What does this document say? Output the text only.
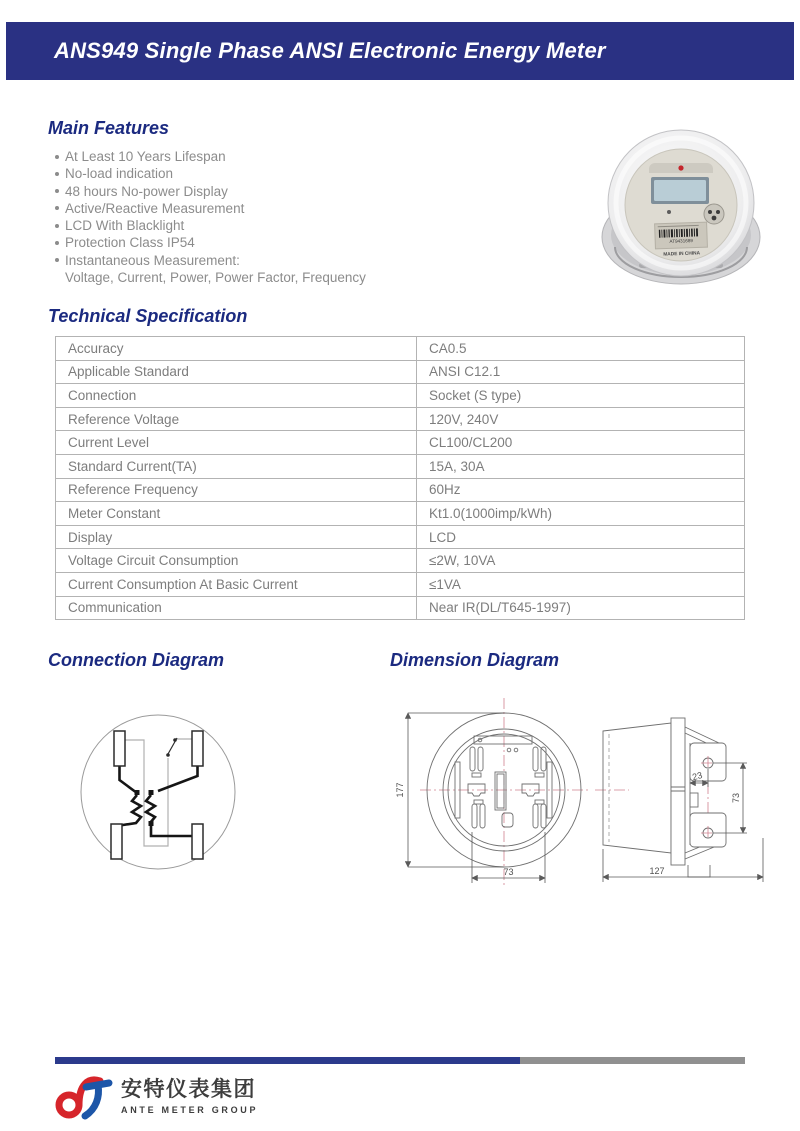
ANS949 Single Phase ANSI Electronic Energy Meter
Main Features
At Least 10 Years Lifespan
No-load indication
48 hours No-power Display
Active/Reactive Measurement
LCD With Blacklight
Protection Class IP54
Instantaneous Measurement:
Voltage, Current, Power, Power Factor, Frequency
AT9431689
MADE IN CHINA
Technical Specification
Accuracy	CA0.5
Applicable Standard	ANSI C12.1
Connection	Socket (S type)
Reference Voltage	120V, 240V
Current Level	CL100/CL200
Standard Current(TA)	15A, 30A
Reference Frequency	60Hz
Meter Constant	Kt1.0(1000imp/kWh)
Display	LCD
Voltage Circuit Consumption	≤2W, 10VA
Current Consumption At Basic Current	≤1VA
Communication	Near IR(DL/T645-1997)
Connection Diagram	Dimension Diagram
177
73
23
73
127
安特仪表集团
ANTE METER GROUP
